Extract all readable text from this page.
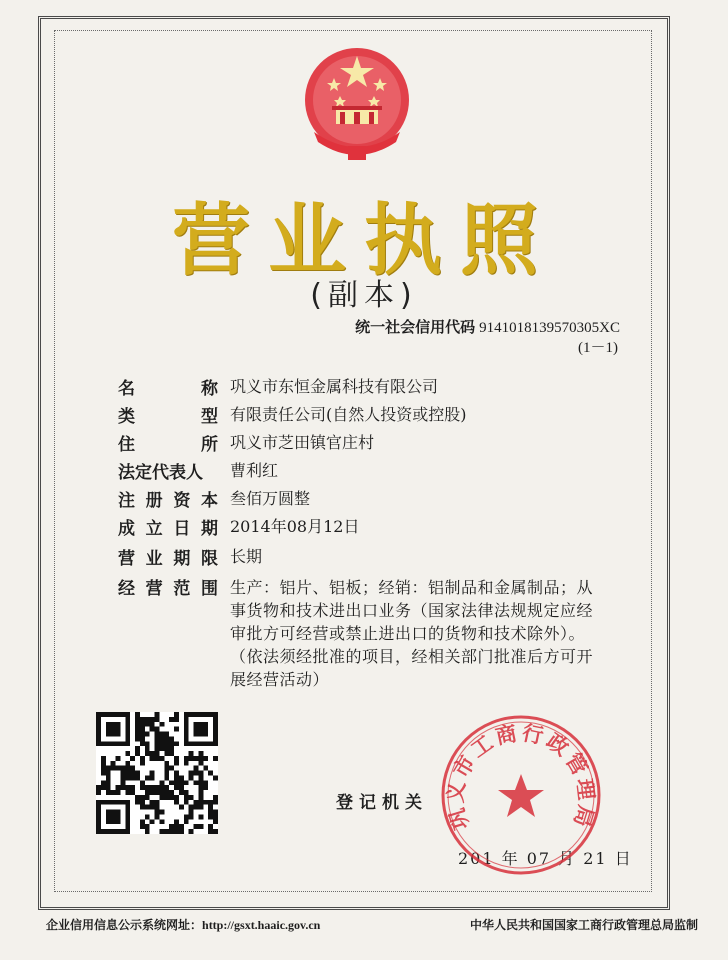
营业执照
(副本)
统一社会信用代码 914101813957030​5XC
(1－1)
名	称 巩义市东恒金属科技有限公司
类	型 有限责任公司(自然人投资或控股)
住	所 巩义市芝田镇官庄村
法定代表人	曹利红
注 册 资 本 叁佰万圆整
成 立 日 期 2014年08月12日
营 业 期 限 长期
经 营 范 围 生产：铝片、铝板；经销：铝制品和金属制品；从

事货物和技术进出口业务（国家法律法规规定应经

审批方可经营或禁止进出口的货物和技术除外）。

（依法须经批准的项目，经相关部门批准后方可开

展经营活动）

登记机关
201 年 07 月 21 日
巩义市工商行政管理局
企业信用信息公示系统网址：http://gsxt.haaic.gov.cn	中华人民共和国国家工商行政管理总局监制
